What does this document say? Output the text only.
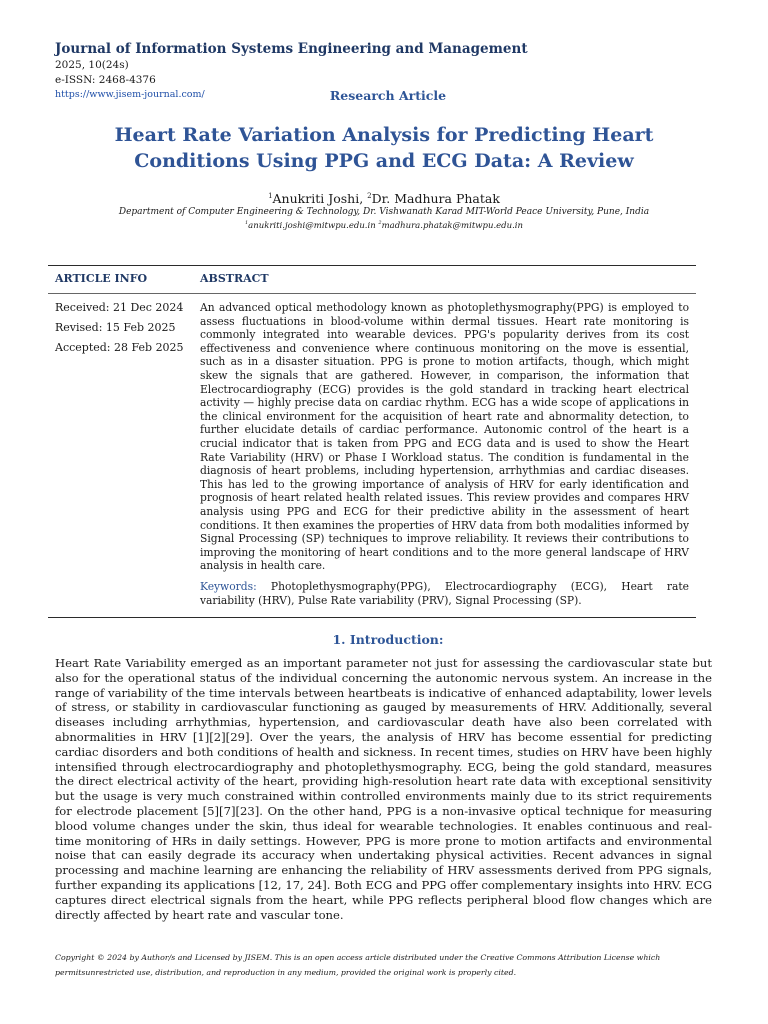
Journal of Information Systems Engineering and Management
2025, 10(24s)
e-ISSN: 2468-4376
https://www.jisem-journal.com/	Research Article
Heart Rate Variation Analysis for Predicting Heart Conditions Using PPG and ECG Data: A Review
$^1$Anukriti Joshi, $^2$Dr. Madhura Phatak
Department of Computer Engineering & Technology, Dr. Vishwanath Karad MIT-World Peace University, Pune, India
$^1$anukriti.joshi@mitwpu.edu.in $^2$madhura.phatak@mitwpu.edu.in
ARTICLE INFO	ABSTRACT
Received: 21 Dec 2024
Revised: 15 Feb 2025
Accepted: 28 Feb 2025
An advanced optical methodology known as photoplethysmography(PPG) is employed to assess fluctuations in blood-volume within dermal tissues. Heart rate monitoring is commonly integrated into wearable devices. PPG's popularity derives from its cost effectiveness and convenience where continuous monitoring on the move is essential, such as in a disaster situation. PPG is prone to motion artifacts, though, which might skew the signals that are gathered. However, in comparison, the information that Electrocardiography (ECG) provides is the gold standard in tracking heart electrical activity — highly precise data on cardiac rhythm. ECG has a wide scope of applications in the clinical environment for the acquisition of heart rate and abnormality detection, to further elucidate details of cardiac performance. Autonomic control of the heart is a crucial indicator that is taken from PPG and ECG data and is used to show the Heart Rate Variability (HRV) or Phase I Workload status. The condition is fundamental in the diagnosis of heart problems, including hypertension, arrhythmias and cardiac diseases. This has led to the growing importance of analysis of HRV for early identification and prognosis of heart related health related issues. This review provides and compares HRV analysis using PPG and ECG for their predictive ability in the assessment of heart conditions. It then examines the properties of HRV data from both modalities informed by Signal Processing (SP) techniques to improve reliability. It reviews their contributions to improving the monitoring of heart conditions and to the more general landscape of HRV analysis in health care.
Keywords: Photoplethysmography(PPG), Electrocardiography (ECG), Heart rate variability (HRV), Pulse Rate variability (PRV), Signal Processing (SP).
1. Introduction:
Heart Rate Variability emerged as an important parameter not just for assessing the cardiovascular state but also for the operational status of the individual concerning the autonomic nervous system. An increase in the range of variability of the time intervals between heartbeats is indicative of enhanced adaptability, lower levels of stress, or stability in cardiovascular functioning as gauged by measurements of HRV. Additionally, several diseases including arrhythmias, hypertension, and cardiovascular death have also been correlated with abnormalities in HRV [1][2][29]. Over the years, the analysis of HRV has become essential for predicting cardiac disorders and both conditions of health and sickness. In recent times, studies on HRV have been highly intensified through electrocardiography and photoplethysmography. ECG, being the gold standard, measures the direct electrical activity of the heart, providing high-resolution heart rate data with exceptional sensitivity but the usage is very much constrained within controlled environments mainly due to its strict requirements for electrode placement [5][7][23]. On the other hand, PPG is a non-invasive optical technique for measuring blood volume changes under the skin, thus ideal for wearable technologies. It enables continuous and real-time monitoring of HRs in daily settings. However, PPG is more prone to motion artifacts and environmental noise that can easily degrade its accuracy when undertaking physical activities. Recent advances in signal processing and machine learning are enhancing the reliability of HRV assessments derived from PPG signals, further expanding its applications [12, 17, 24]. Both ECG and PPG offer complementary insights into HRV. ECG captures direct electrical signals from the heart, while PPG reflects peripheral blood flow changes which are directly affected by heart rate and vascular tone.
Copyright © 2024 by Author/s and Licensed by JISEM. This is an open access article distributed under the Creative Commons Attribution License which permitsunrestricted use, distribution, and reproduction in any medium, provided the original work is properly cited.
